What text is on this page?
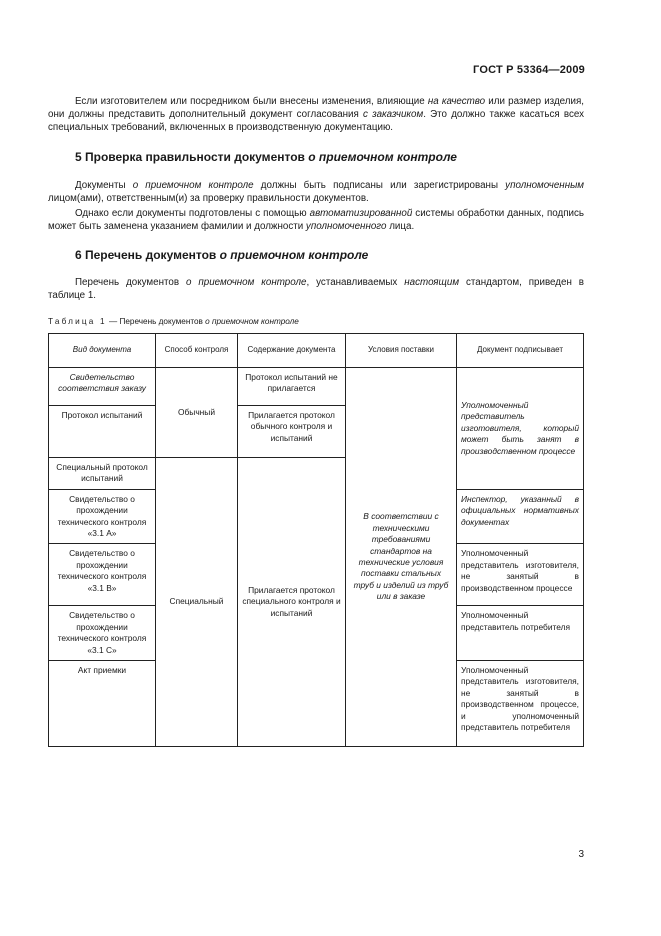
ГОСТ Р 53364—2009

Если изготовителем или посредником были внесены изменения, влияющие на качество или размер изделия, они должны представить дополнительный документ согласования с заказчиком. Это должно также касаться всех специальных требований, включенных в производственную документацию.

5 Проверка правильности документов о приемочном контроле

Документы о приемочном контроле должны быть подписаны или зарегистрированы уполномоченным лицом(ами), ответственным(и) за проверку правильности документов.

Однако если документы подготовлены с помощью автоматизированной системы обработки данных, подпись может быть заменена указанием фамилии и должности уполномоченного лица.

6 Перечень документов о приемочном контроле

Перечень документов о приемочном контроле, устанавливаемых настоящим стандартом, приведен в таблице 1.

Таблица 1 — Перечень документов о приемочном контроле

Вид документа	Способ контроля	Содержание документа	Условия поставки	Документ подписывает
Свидетельство соответствия заказу	Обычный	Протокол испытаний не прилагается	В соответствии с техническими требованиями стандартов на технические условия поставки стальных труб и изделий из труб или в заказе	Уполномоченный представитель изготовителя, который может быть занят в производственном процессе
Протокол испытаний		Прилагается протокол обычного контроля и испытаний		
Специальный протокол испытаний	Специальный	Прилагается протокол специального контроля и испытаний		
Свидетельство о прохождении технического контроля «3.1 А»				Инспектор, указанный в официальных нормативных документах
Свидетельство о прохождении технического контроля «3.1 В»				Уполномоченный представитель изготовителя, не занятый в производственном процессе
Свидетельство о прохождении технического контроля «3.1 С»				Уполномоченный представитель потребителя
Акт приемки				Уполномоченный представитель изготовителя, не занятый в производственном процессе, и уполномоченный представитель потребителя
3
